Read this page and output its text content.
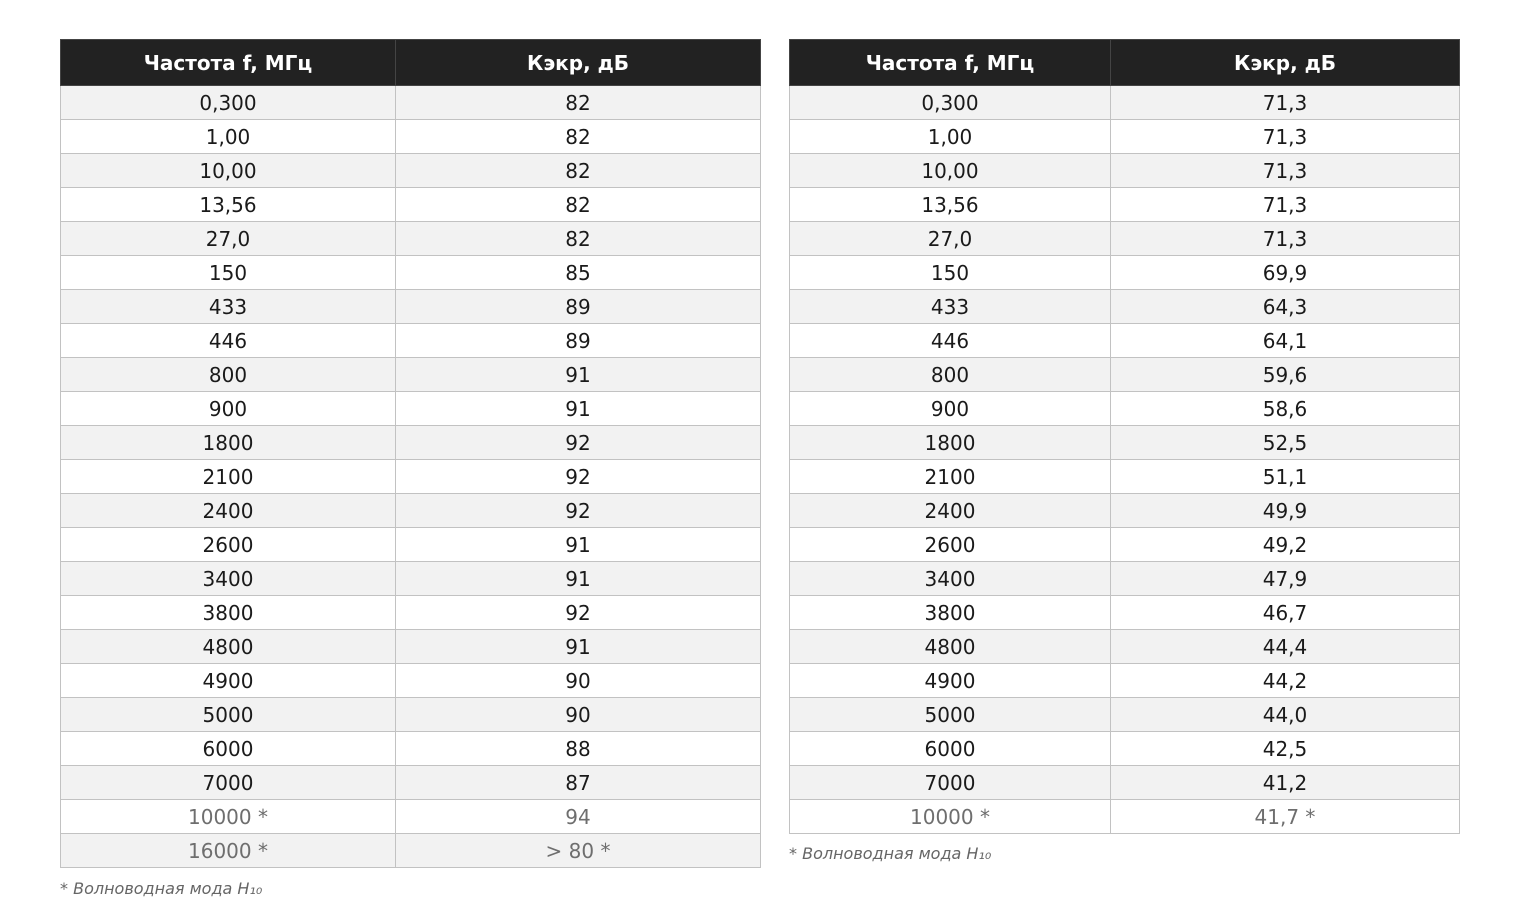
Частота f, МГц	Кэкр, дБ
0,300	82
1,00	82
10,00	82
13,56	82
27,0	82
150	85
433	89
446	89
800	91
900	91
1800	92
2100	92
2400	92
2600	91
3400	91
3800	92
4800	91
4900	90
5000	90
6000	88
7000	87
10000 *	94
16000 *	> 80 *
Частота f, МГц	Кэкр, дБ
0,300	71,3
1,00	71,3
10,00	71,3
13,56	71,3
27,0	71,3
150	69,9
433	64,3
446	64,1
800	59,6
900	58,6
1800	52,5
2100	51,1
2400	49,9
2600	49,2
3400	47,9
3800	46,7
4800	44,4
4900	44,2
5000	44,0
6000	42,5
7000	41,2
10000 *	41,7 *
* Волноводная мода H₁₀
* Волноводная мода H₁₀
